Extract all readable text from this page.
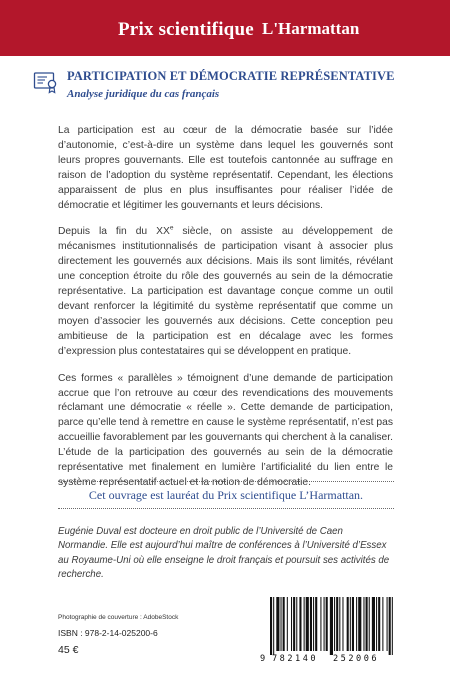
Prix scientifique L'Harmattan
PARTICIPATION ET DÉMOCRATIE REPRÉSENTATIVE
Analyse juridique du cas français

La participation est au cœur de la démocratie basée sur l’idée d’autonomie, c’est-à-dire un système dans lequel les gouvernés sont leurs propres gouvernants. Elle est toutefois cantonnée au suffrage en raison de l’adoption du système représentatif. Cependant, les élections apparaissent de plus en plus insuffisantes pour réaliser l’idée de démocratie et légitimer les gouvernants et leurs décisions.

Depuis la fin du XXe siècle, on assiste au développement de mécanismes institutionnalisés de participation visant à associer plus directement les gouvernés aux décisions. Mais ils sont limités, révélant une conception étroite du rôle des gouvernés au sein de la démocratie représentative. La participation est davantage conçue comme un outil devant renforcer la légitimité du système représentatif que comme un moyen d’associer les gouvernés aux décisions. Cette conception peu ambitieuse de la participation est en décalage avec les formes d’expression plus contestataires qui se développent en pratique.

Ces formes « parallèles » témoignent d’une demande de participation accrue que l’on retrouve au cœur des revendications des mouvements réclamant une démocratie « réelle ». Cette demande de participation, parce qu’elle tend à remettre en cause le système représentatif, n’est pas accueillie favorablement par les gouvernants qui cherchent à la canaliser. L’étude de la participation des gouvernés au sein de la démocratie représentative met finalement en lumière l’artificialité du lien entre le système représentatif actuel et la notion de démocratie.

Cet ouvrage est lauréat du Prix scientifique L’Harmattan.
Eugénie Duval est docteure en droit public de l’Université de Caen Normandie. Elle est aujourd’hui maître de conférences à l’Université d’Essex au Royaume-Uni où elle enseigne le droit français et poursuit ses activités de recherche.
Photographie de couverture : AdobeStock
ISBN : 978-2-14-025200-6
45 €
9 782140 252006
